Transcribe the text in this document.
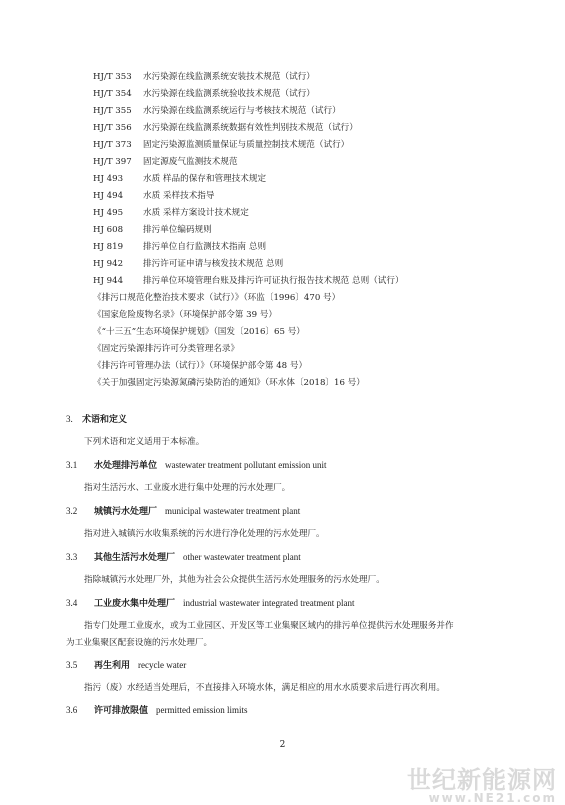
HJ/T 353 水污染源在线监测系统安装技术规范（试行）
HJ/T 354 水污染源在线监测系统验收技术规范（试行）
HJ/T 355 水污染源在线监测系统运行与考核技术规范（试行）
HJ/T 356 水污染源在线监测系统数据有效性判别技术规范（试行）
HJ/T 373 固定污染源监测质量保证与质量控制技术规范（试行）
HJ/T 397 固定源废气监测技术规范
HJ 493 水质 样品的保存和管理技术规定
HJ 494 水质 采样技术指导
HJ 495 水质 采样方案设计技术规定
HJ 608 排污单位编码规则
HJ 819 排污单位自行监测技术指南 总则
HJ 942 排污许可证申请与核发技术规范 总则
HJ 944 排污单位环境管理台账及排污许可证执行报告技术规范 总则（试行）
《排污口规范化整治技术要求（试行）》（环监〔1996〕470 号）
《国家危险废物名录》（环境保护部令第 39 号）
《“十三五”生态环境保护规划》（国发〔2016〕65 号）
《固定污染源排污许可分类管理名录》
《排污许可管理办法（试行）》（环境保护部令第 48 号）
《关于加强固定污染源氮磷污染防治的通知》（环水体〔2018〕16 号）
3. 术语和定义
下列术语和定义适用于本标准。
3.1 水处理排污单位 wastewater treatment pollutant emission unit
指对生活污水、工业废水进行集中处理的污水处理厂。
3.2 城镇污水处理厂 municipal wastewater treatment plant
指对进入城镇污水收集系统的污水进行净化处理的污水处理厂。
3.3 其他生活污水处理厂 other wastewater treatment plant
指除城镇污水处理厂外，其他为社会公众提供生活污水处理服务的污水处理厂。
3.4 工业废水集中处理厂 industrial wastewater integrated treatment plant
指专门处理工业废水，或为工业园区、开发区等工业集聚区域内的排污单位提供污水处理服务并作
为工业集聚区配套设施的污水处理厂。
3.5 再生利用 recycle water
指污（废）水经适当处理后，不直接排入环境水体，满足相应的用水水质要求后进行再次利用。
3.6 许可排放限值 permitted emission limits
2
世纪新能源网
www.NE21.com
